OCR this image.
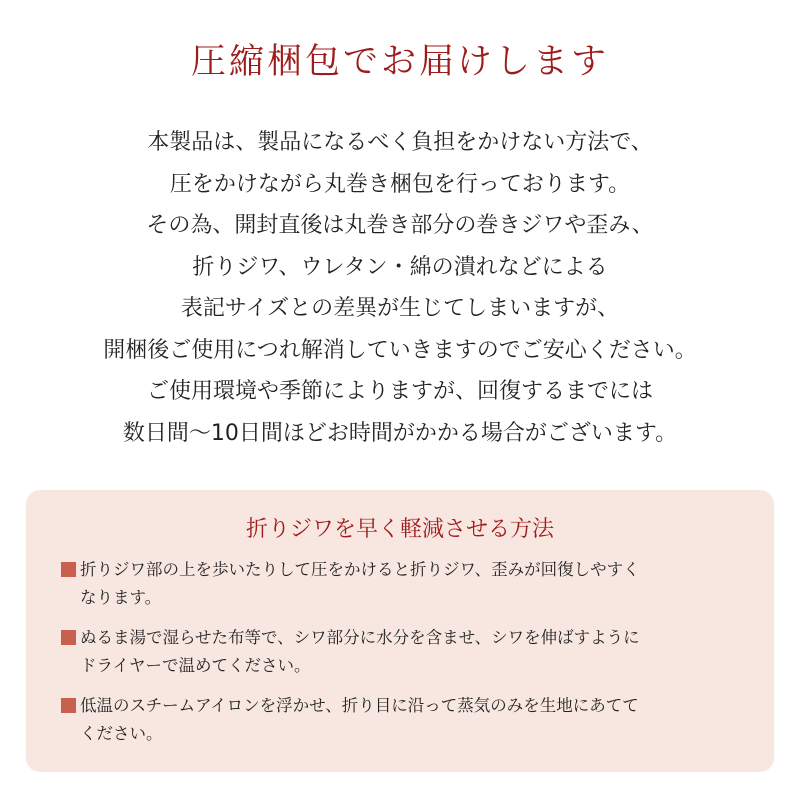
圧縮梱包でお届けします
本製品は、製品になるべく負担をかけない方法で、
圧をかけながら丸巻き梱包を行っております。
その為、開封直後は丸巻き部分の巻きジワや歪み、
折りジワ、ウレタン・綿の潰れなどによる
表記サイズとの差異が生じてしまいますが、
開梱後ご使用につれ解消していきますのでご安心ください。
ご使用環境や季節によりますが、回復するまでには
数日間〜10日間ほどお時間がかかる場合がございます。
折りジワを早く軽減させる方法
折りジワ部の上を歩いたりして圧をかけると折りジワ、歪みが回復しやすく
なります。
ぬるま湯で湿らせた布等で、シワ部分に水分を含ませ、シワを伸ばすように
ドライヤーで温めてください。
低温のスチームアイロンを浮かせ、折り目に沿って蒸気のみを生地にあてて
ください。
